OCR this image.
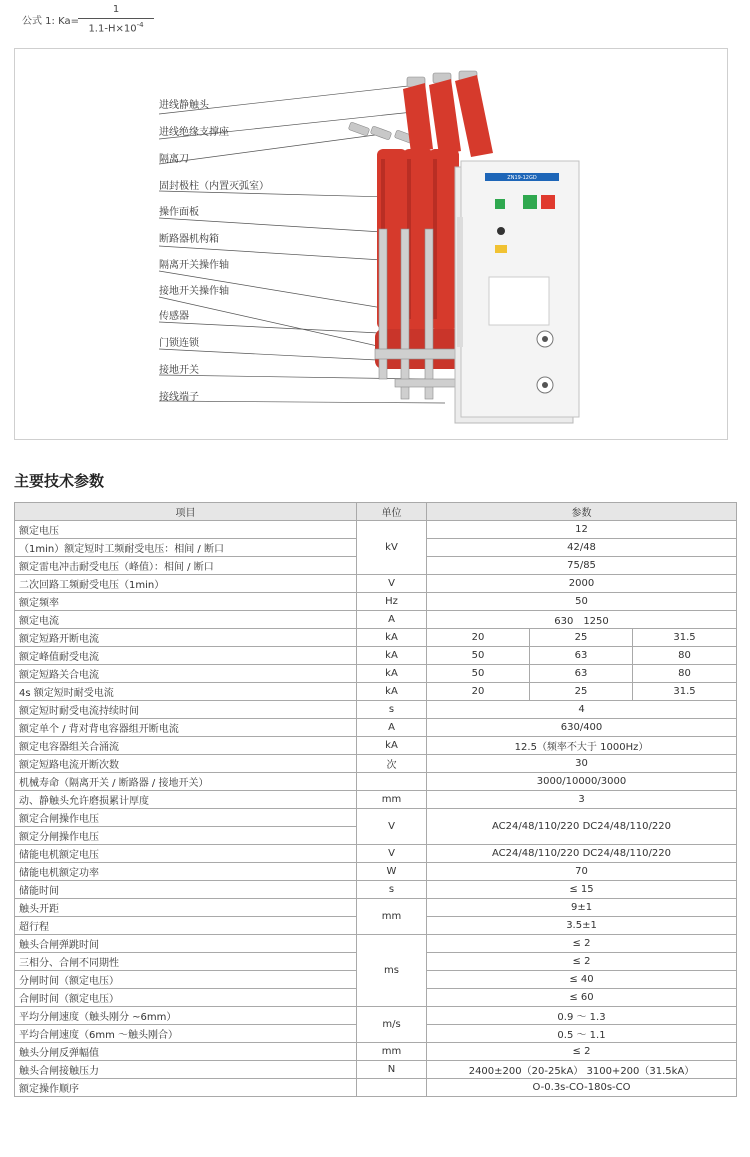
公式 1: Ka=
1
$1.1-H\times 10^{-4}$
ZN19-12GD
进线静触头
进线绝缘支撑座
隔离刀
固封极柱（内置灭弧室）
操作面板
断路器机构箱
隔离开关操作轴
接地开关操作轴
传感器
门锁连锁
接地开关
接线端子
主要技术参数
项目	单位	参数		
额定电压	kV	12		
（1min）额定短时工频耐受电压：相间 / 断口		42/48		
额定雷电冲击耐受电压（峰值）：相间 / 断口		75/85		
二次回路工频耐受电压（1min）	V	2000		
额定频率	Hz	50		
额定电流	A	630　1250		
额定短路开断电流	kA	20	25	31.5
额定峰值耐受电流	kA	50	63	80
额定短路关合电流	kA	50	63	80
4s 额定短时耐受电流	kA	20	25	31.5
额定短时耐受电流持续时间	s	4		
额定单个 / 背对背电容器组开断电流	A	630/400		
额定电容器组关合涌流	kA	12.5（频率不大于 1000Hz）		
额定短路电流开断次数	次	30		
机械寿命（隔离开关 / 断路器 / 接地开关）		3000/10000/3000		
动、静触头允许磨损累计厚度	mm	3		
额定合闸操作电压	V	AC24/48/110/220 DC24/48/110/220		
额定分闸操作电压				
储能电机额定电压	V	AC24/48/110/220 DC24/48/110/220		
储能电机额定功率	W	70		
储能时间	s	≤ 15		
触头开距	mm	9±1		
超行程		3.5±1		
触头合闸弹跳时间	ms	≤ 2		
三相分、合闸不同期性		≤ 2		
分闸时间（额定电压）		≤ 40		
合闸时间（额定电压）		≤ 60		
平均分闸速度（触头刚分 ~6mm）	m/s	0.9 ～ 1.3		
平均合闸速度（6mm ～触头刚合）		0.5 ～ 1.1		
触头分闸反弹幅值	mm	≤ 2		
触头合闸接触压力	N	2400±200（20-25kA） 3100+200（31.5kA）		
额定操作顺序		O-0.3s-CO-180s-CO		
